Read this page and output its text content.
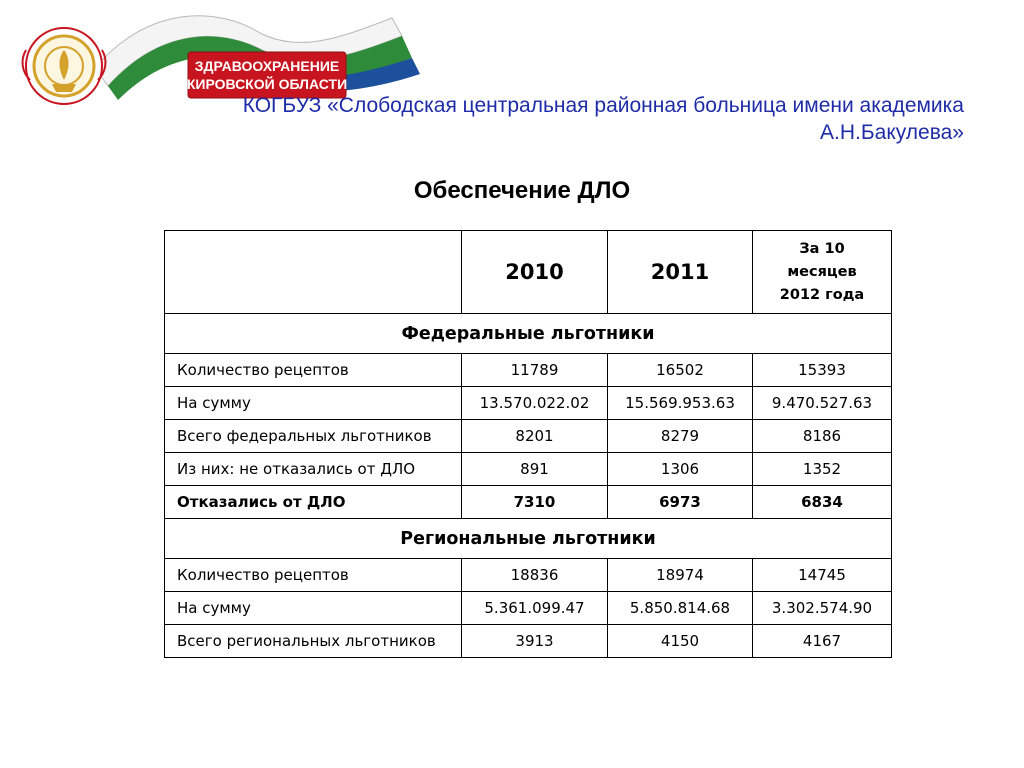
ЗДРАВООХРАНЕНИЕ
КИРОВСКОЙ ОБЛАСТИ
КОГБУЗ «Слободская центральная районная больница имени академика
А.Н.Бакулева»
Обеспечение ДЛО
	2010	2011	За 10
месяцев
2012 года

Федеральные льготники			
Количество рецептов	11789	16502	15393
На сумму	13.570.022.02	15.569.953.63	9.470.527.63
Всего федеральных льготников	8201	8279	8186
Из них: не отказались от ДЛО	891	1306	1352
Отказались от ДЛО	7310	6973	6834
Региональные льготники			
Количество рецептов	18836	18974	14745
На сумму	5.361.099.47	5.850.814.68	3.302.574.90
Всего региональных льготников	3913	4150	4167
